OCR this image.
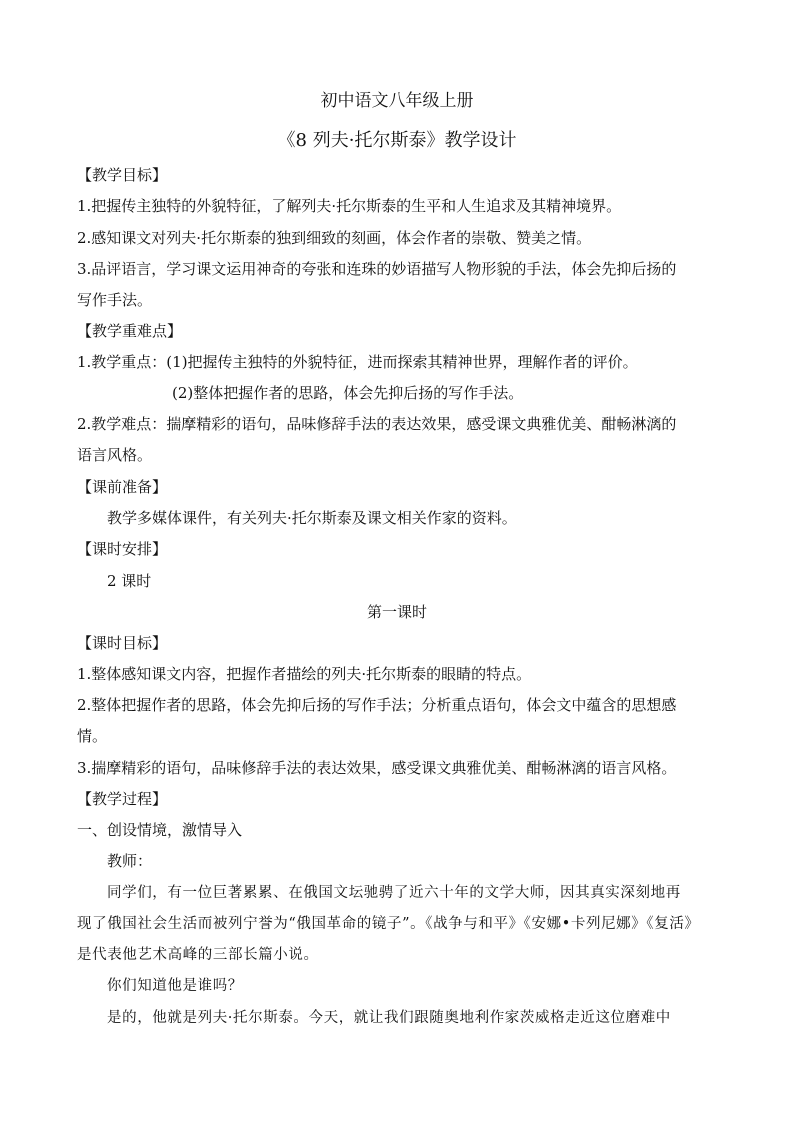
初中语文八年级上册
《8 列夫·托尔斯泰》教学设计
【教学目标】
1.把握传主独特的外貌特征，了解列夫·托尔斯泰的生平和人生追求及其精神境界。
2.感知课文对列夫·托尔斯泰的独到细致的刻画，体会作者的崇敬、赞美之情。
3.品评语言，学习课文运用神奇的夸张和连珠的妙语描写人物形貌的手法，体会先抑后扬的
写作手法。
【教学重难点】
1.教学重点：(1)把握传主独特的外貌特征，进而探索其精神世界，理解作者的评价。
(2)整体把握作者的思路，体会先抑后扬的写作手法。
2.教学难点：揣摩精彩的语句，品味修辞手法的表达效果，感受课文典雅优美、酣畅淋漓的
语言风格。
【课前准备】
教学多媒体课件，有关列夫·托尔斯泰及课文相关作家的资料。
【课时安排】
2 课时
第一课时
【课时目标】
1.整体感知课文内容，把握作者描绘的列夫·托尔斯泰的眼睛的特点。
2.整体把握作者的思路，体会先抑后扬的写作手法；分析重点语句，体会文中蕴含的思想感
情。
3.揣摩精彩的语句，品味修辞手法的表达效果，感受课文典雅优美、酣畅淋漓的语言风格。
【教学过程】
一、创设情境，激情导入
教师：
同学们，有一位巨著累累、在俄国文坛驰骋了近六十年的文学大师，因其真实深刻地再
现了俄国社会生活而被列宁誉为“俄国革命的镜子”。《战争与和平》《安娜•卡列尼娜》《复活》
是代表他艺术高峰的三部长篇小说。
你们知道他是谁吗？
是的，他就是列夫·托尔斯泰。今天，就让我们跟随奥地利作家茨威格走近这位磨难中
